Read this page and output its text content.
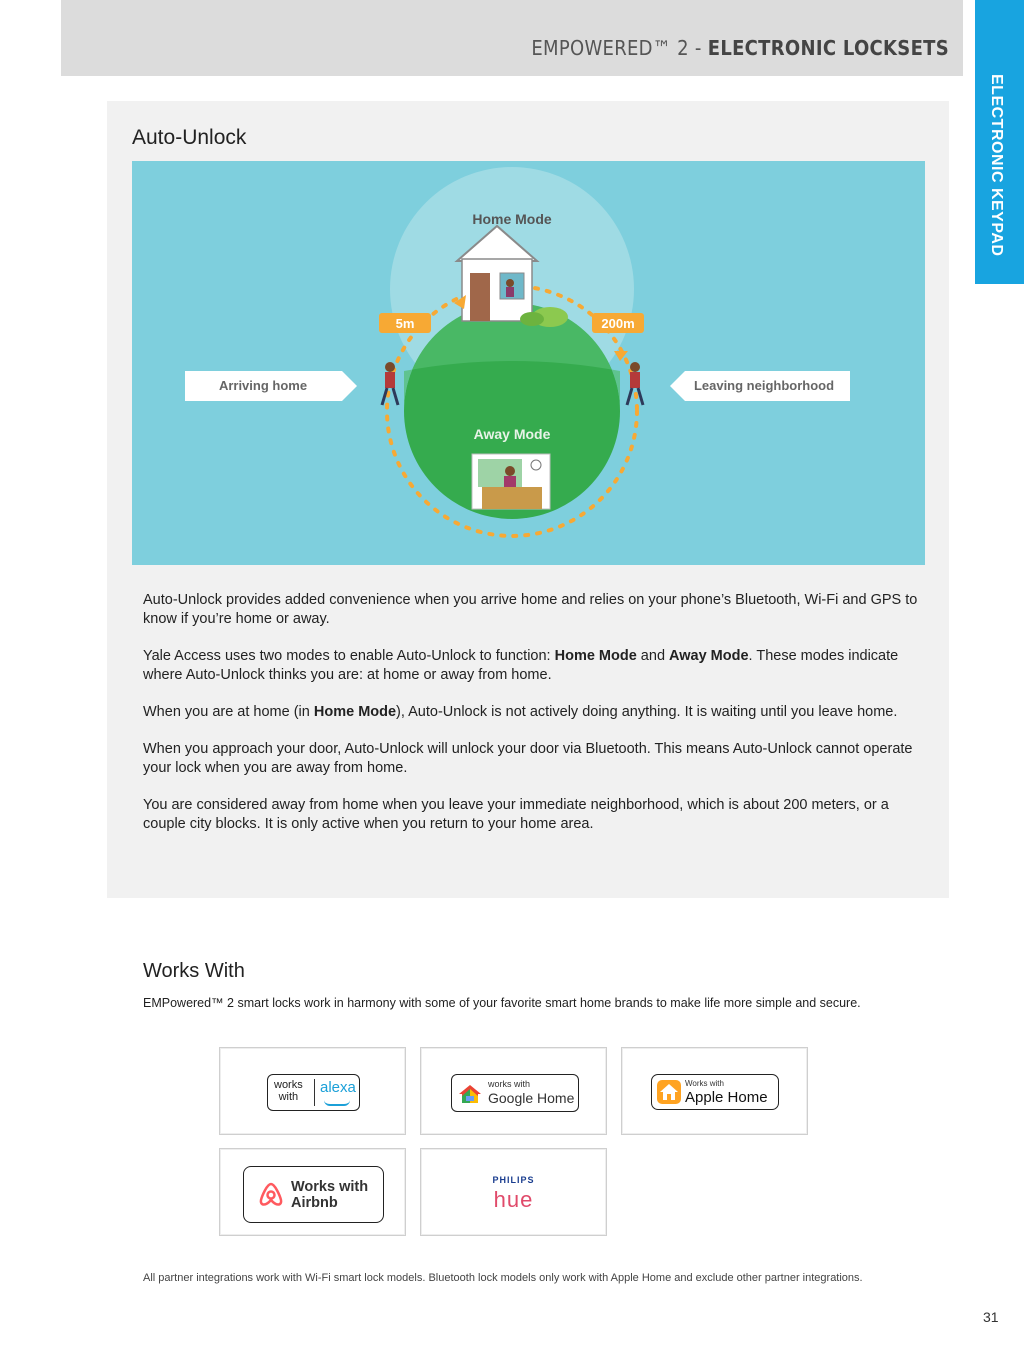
EMPOWERED™ 2 - ELECTRONIC LOCKSETS
ELECTRONIC KEYPAD
Auto-Unlock
Home Mode
Away Mode
5m	200m
Arriving home	Leaving neighborhood

Auto-Unlock provides added convenience when you arrive home and relies on your phone’s Bluetooth, Wi-Fi and GPS to know if you’re home or away.

Yale Access uses two modes to enable Auto-Unlock to function: Home Mode and Away Mode. These modes indicate where Auto-Unlock thinks you are: at home or away from home.

When you are at home (in Home Mode), Auto-Unlock is not actively doing anything. It is waiting until you leave home.

When you approach your door, Auto-Unlock will unlock your door via Bluetooth. This means Auto-Unlock cannot operate your lock when you are away from home.

You are considered away from home when you leave your immediate neighborhood, which is about 200 meters, or a couple city blocks. It is only active when you return to your home area.

Works With
EMPowered™ 2 smart locks work in harmony with some of your favorite smart home brands to make life more simple and secure.
works
with
alexa	works with
Google Home
Works with
Apple Home
Works with
Airbnb
PHILIPS
hue
All partner integrations work with Wi-Fi smart lock models. Bluetooth lock models only work with Apple Home and exclude other partner integrations.
31
